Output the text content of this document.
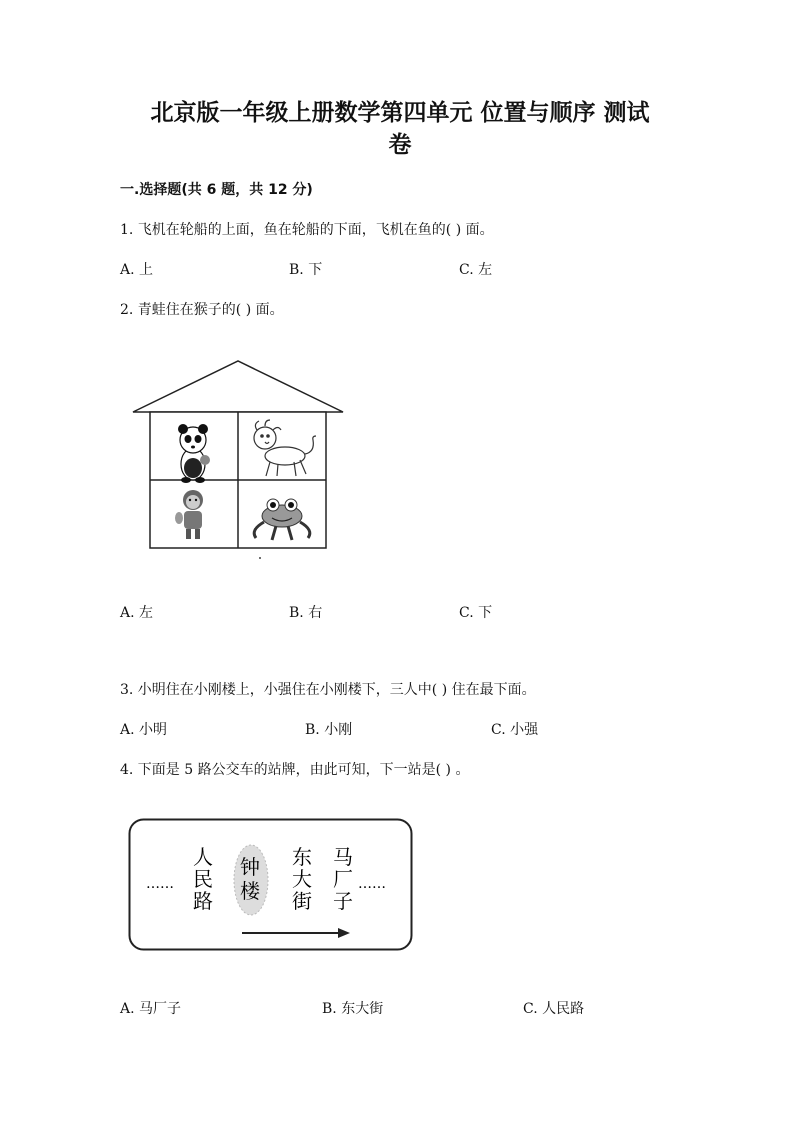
北京版一年级上册数学第四单元 位置与顺序 测试
卷
一.选择题(共 6 题，共 12 分)
1. 飞机在轮船的上面，鱼在轮船的下面，飞机在鱼的( ) 面。
A. 上	B. 下	C. 左
2. 青蛙住在猴子的( ) 面。
A. 左	B. 右	C. 下
3. 小明住在小刚楼上，小强住在小刚楼下，三人中( ) 住在最下面。
A. 小明	B. 小刚	C. 小强
4. 下面是 5 路公交车的站牌，由此可知，下一站是( ) 。
……
人
民
路
钟
楼
东
大
街
马
厂
子
……
A. 马厂子	B. 东大街	C. 人民路
